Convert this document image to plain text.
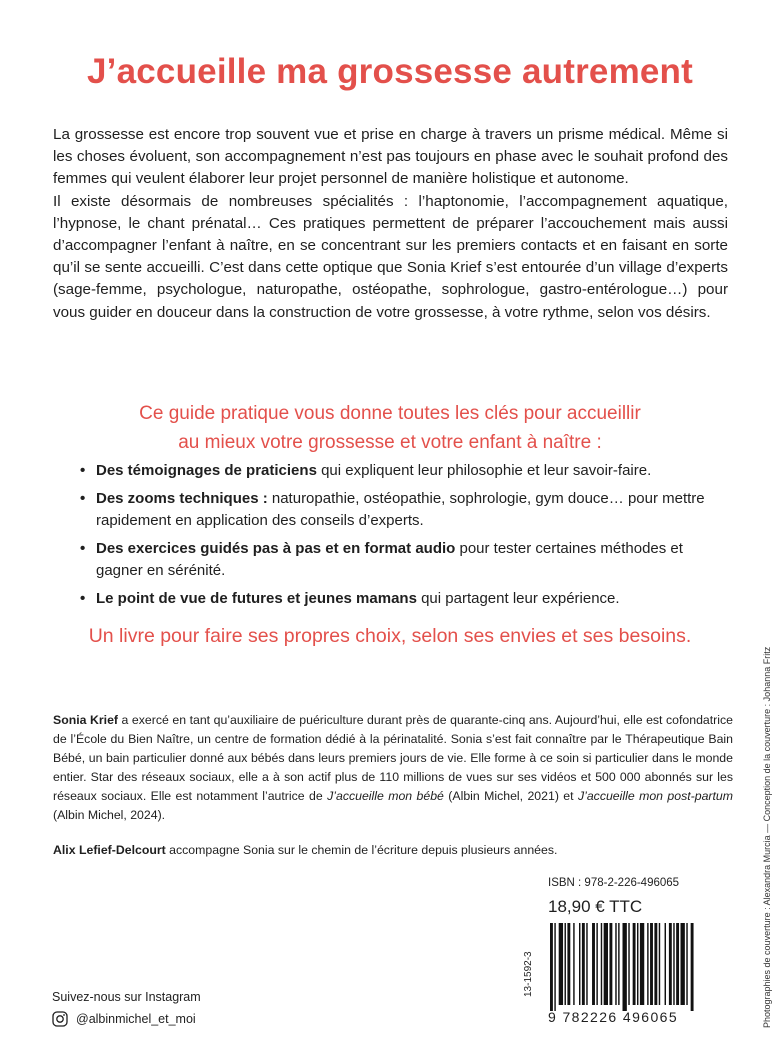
J’accueille ma grossesse autrement

La grossesse est encore trop souvent vue et prise en charge à travers un prisme médical. Même si les choses évoluent, son accompagnement n’est pas toujours en phase avec le souhait profond des femmes qui veulent élaborer leur projet personnel de manière holistique et autonome.

Il existe désormais de nombreuses spécialités : l’haptonomie, l’accompagnement aquatique, l’hypnose, le chant prénatal… Ces pratiques permettent de préparer l’accouchement mais aussi d’accompagner l’enfant à naître, en se concentrant sur les premiers contacts et en faisant en sorte qu’il se sente accueilli. C’est dans cette optique que Sonia Krief s’est entourée d’un village d’experts (sage-femme, psychologue, naturopathe, ostéopathe, sophrologue, gastro-entérologue…) pour vous guider en douceur dans la construction de votre grossesse, à votre rythme, selon vos désirs.

Ce guide pratique vous donne toutes les clés pour accueillir
au mieux votre grossesse et votre enfant à naître :
• Des témoignages de praticiens qui expliquent leur philosophie et leur savoir-faire.
• Des zooms techniques : naturopathie, ostéopathie, sophrologie, gym douce… pour mettre rapidement en application des conseils d’experts.
• Des exercices guidés pas à pas et en format audio pour tester certaines méthodes et gagner en sérénité.
• Le point de vue de futures et jeunes mamans qui partagent leur expérience.
Un livre pour faire ses propres choix, selon ses envies et ses besoins.

Sonia Krief a exercé en tant qu’auxiliaire de puériculture durant près de quarante-cinq ans. Aujourd’hui, elle est cofondatrice de l’École du Bien Naître, un centre de formation dédié à la périnatalité. Sonia s’est fait connaître par le Thérapeutique Bain Bébé, un bain particulier donné aux bébés dans leurs premiers jours de vie. Elle forme à ce soin si particulier dans le monde entier. Star des réseaux sociaux, elle a à son actif plus de 110 millions de vues sur ses vidéos et 500 000 abonnés sur les réseaux sociaux. Elle est notamment l’autrice de J’accueille mon bébé (Albin Michel, 2021) et J’accueille mon post-partum (Albin Michel, 2024).

Alix Lefief-Delcourt accompagne Sonia sur le chemin de l’écriture depuis plusieurs années.

ISBN : 978-2-226-496065
18,90 € TTC
9 782226 496065
13-1592-3	Photographies de couverture : Alexandra Murcia — Conception de la couverture : Johanna Fritz
Suivez-nous sur Instagram
@albinmichel_et_moi
